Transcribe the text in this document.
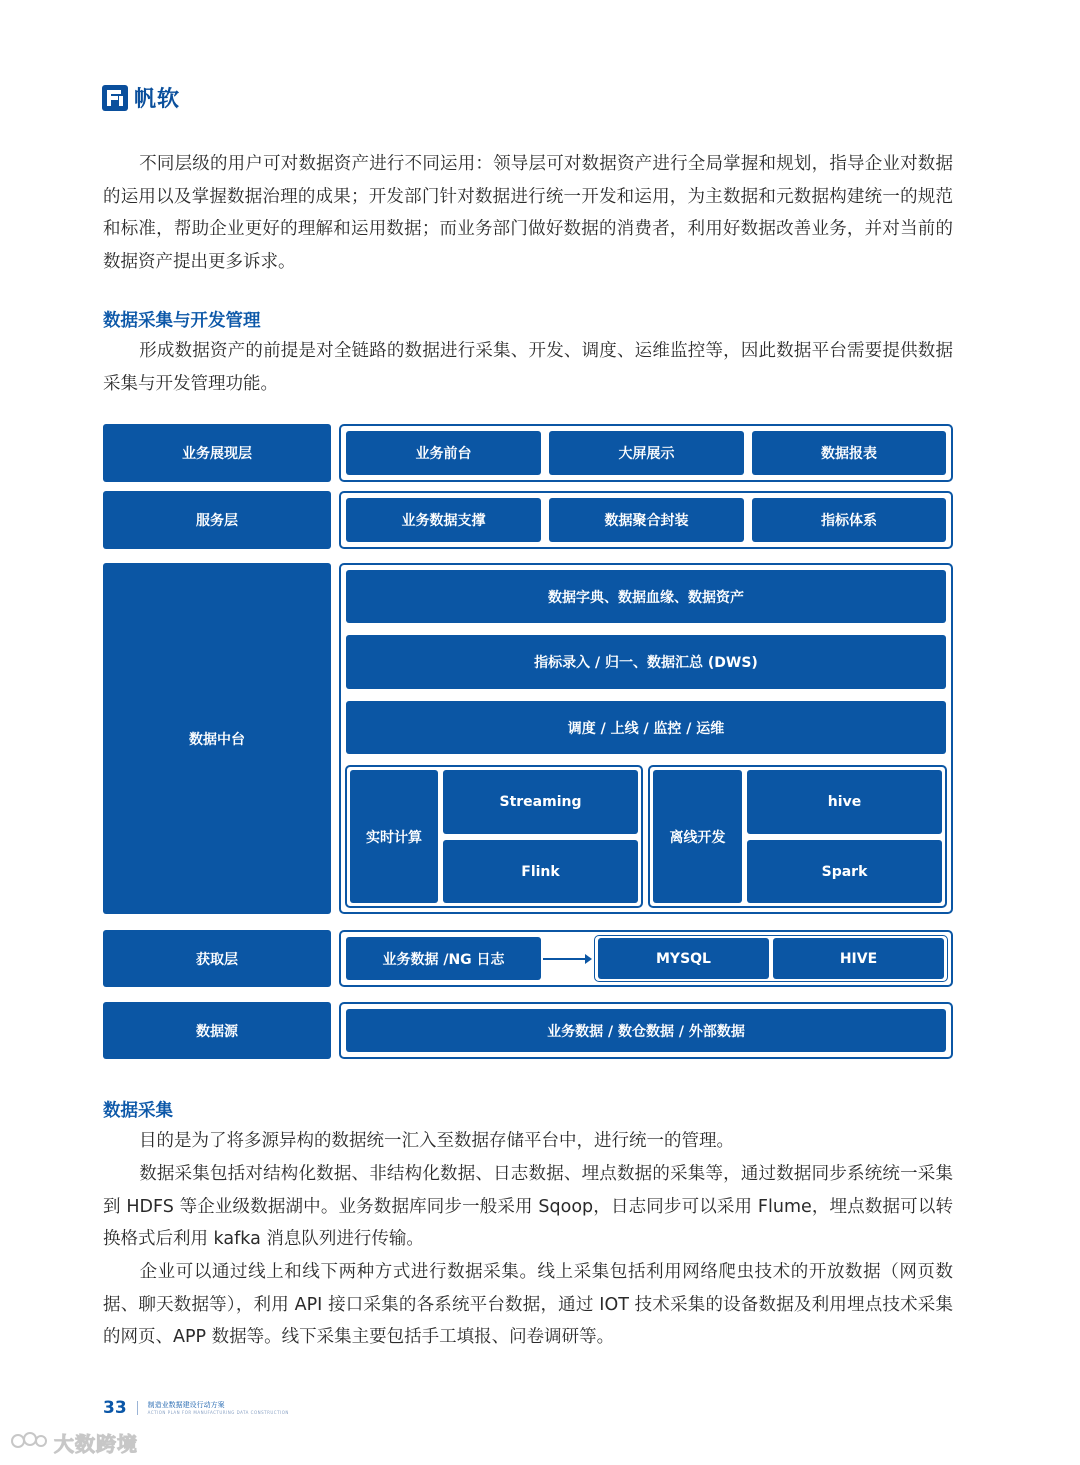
帆软

不同层级的用户可对数据资产进行不同运用：领导层可对数据资产进行全局掌握和规划，指导企业对数据的运用以及掌握数据治理的成果；开发部门针对数据进行统一开发和运用，为主数据和元数据构建统一的规范和标准，帮助企业更好的理解和运用数据；而业务部门做好数据的消费者，利用好数据改善业务，并对当前的数据资产提出更多诉求。

数据采集与开发管理

形成数据资产的前提是对全链路的数据进行采集、开发、调度、运维监控等，因此数据平台需要提供数据采集与开发管理功能。

业务展现层
服务层
数据中台
获取层
数据源
业务前台	大屏展示	数据报表
业务数据支撑	数据聚合封装	指标体系
数据字典、数据血缘、数据资产
指标录入 / 归一、数据汇总 (DWS)
调度 / 上线 / 监控 / 运维
实时计算
Streaming
Flink
离线开发
hive
Spark
业务数据 /NG 日志	MYSQL	HIVE
业务数据 / 数仓数据 / 外部数据
数据采集

目的是为了将多源异构的数据统一汇入至数据存储平台中，进行统一的管理。

数据采集包括对结构化数据、非结构化数据、日志数据、埋点数据的采集等，通过数据同步系统统一采集到 HDFS 等企业级数据湖中。业务数据库同步一般采用 Sqoop，日志同步可以采用 Flume，埋点数据可以转换格式后利用 kafka 消息队列进行传输。

企业可以通过线上和线下两种方式进行数据采集。线上采集包括利用网络爬虫技术的开放数据（网页数据、聊天数据等），利用 API 接口采集的各系统平台数据，通过 IOT 技术采集的设备数据及利用埋点技术采集的网页、APP 数据等。线下采集主要包括手工填报、问卷调研等。

33	制造业数据建设行动方案
ACTION PLAN FOR MANUFACTURING DATA CONSTRUCTION
大数跨境
